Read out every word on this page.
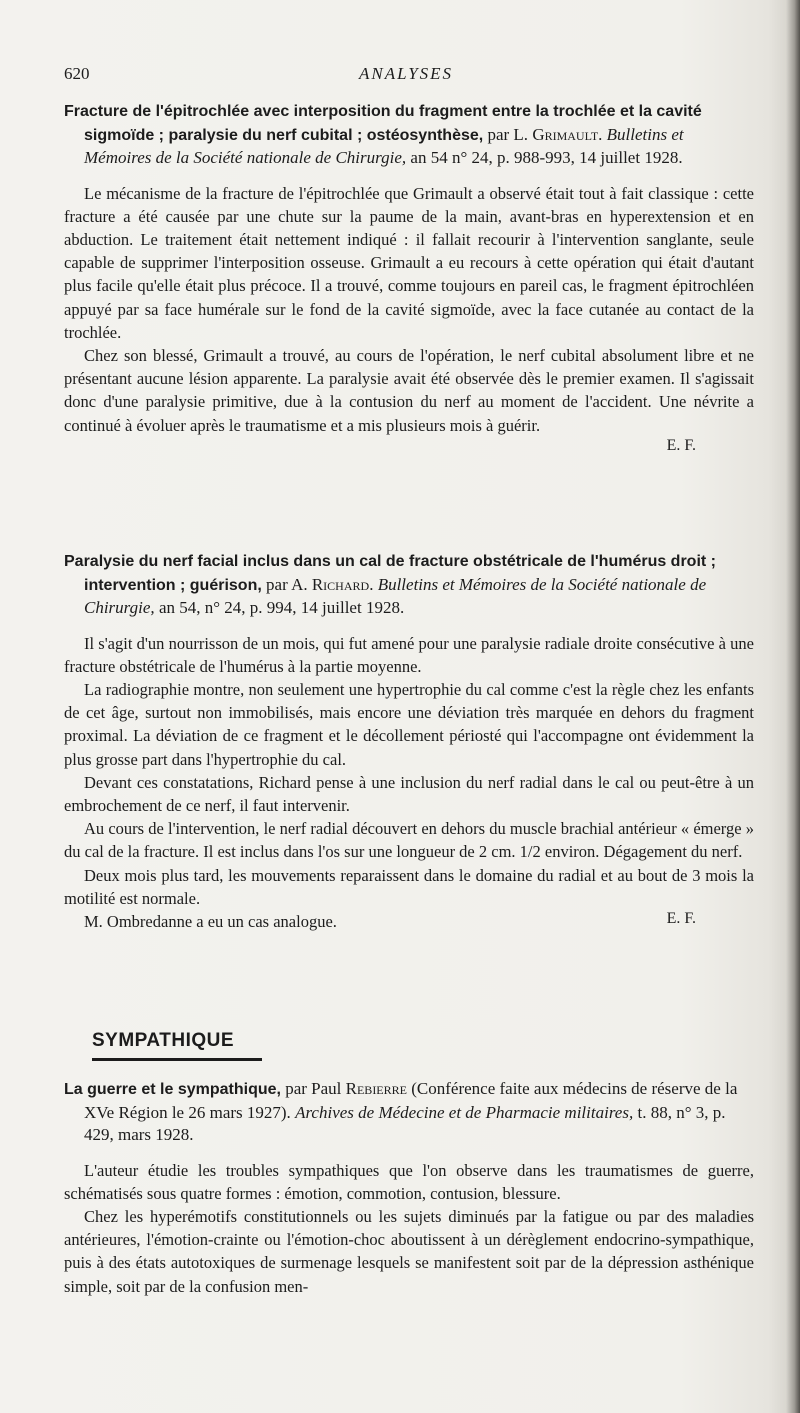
620	ANALYSES
Fracture de l'épitrochlée avec interposition du fragment entre la trochlée et la cavité sigmoïde ; paralysie du nerf cubital ; ostéosynthèse, par L. Grimault. Bulletins et Mémoires de la Société nationale de Chirurgie, an 54 n° 24, p. 988-993, 14 juillet 1928.

Le mécanisme de la fracture de l'épitrochlée que Grimault a observé était tout à fait classique : cette fracture a été causée par une chute sur la paume de la main, avant-bras en hyperextension et en abduction. Le traitement était nettement indiqué : il fallait recourir à l'intervention sanglante, seule capable de supprimer l'interposition osseuse. Grimault a eu recours à cette opération qui était d'autant plus facile qu'elle était plus précoce. Il a trouvé, comme toujours en pareil cas, le fragment épitrochléen appuyé par sa face humérale sur le fond de la cavité sigmoïde, avec la face cutanée au contact de la trochlée.

Chez son blessé, Grimault a trouvé, au cours de l'opération, le nerf cubital absolument libre et ne présentant aucune lésion apparente. La paralysie avait été observée dès le premier examen. Il s'agissait donc d'une paralysie primitive, due à la contusion du nerf au moment de l'accident. Une névrite a continué à évoluer après le traumatisme et a mis plusieurs mois à guérir.

E. F.
Paralysie du nerf facial inclus dans un cal de fracture obstétricale de l'humérus droit ; intervention ; guérison, par A. Richard. Bulletins et Mémoires de la Société nationale de Chirurgie, an 54, n° 24, p. 994, 14 juillet 1928.

Il s'agit d'un nourrisson de un mois, qui fut amené pour une paralysie radiale droite consécutive à une fracture obstétricale de l'humérus à la partie moyenne.

La radiographie montre, non seulement une hypertrophie du cal comme c'est la règle chez les enfants de cet âge, surtout non immobilisés, mais encore une déviation très marquée en dehors du fragment proximal. La déviation de ce fragment et le décollement périosté qui l'accompagne ont évidemment la plus grosse part dans l'hypertrophie du cal.

Devant ces constatations, Richard pense à une inclusion du nerf radial dans le cal ou peut-être à un embrochement de ce nerf, il faut intervenir.

Au cours de l'intervention, le nerf radial découvert en dehors du muscle brachial antérieur « émerge » du cal de la fracture. Il est inclus dans l'os sur une longueur de 2 cm. 1/2 environ. Dégagement du nerf.

Deux mois plus tard, les mouvements reparaissent dans le domaine du radial et au bout de 3 mois la motilité est normale.

M. Ombredanne a eu un cas analogue.	E. F.
SYMPATHIQUE
La guerre et le sympathique, par Paul Rebierre (Conférence faite aux médecins de réserve de la XVe Région le 26 mars 1927). Archives de Médecine et de Pharmacie militaires, t. 88, n° 3, p. 429, mars 1928.

L'auteur étudie les troubles sympathiques que l'on observe dans les traumatismes de guerre, schématisés sous quatre formes : émotion, commotion, contusion, blessure.

Chez les hyperémotifs constitutionnels ou les sujets diminués par la fatigue ou par des maladies antérieures, l'émotion-crainte ou l'émotion-choc aboutissent à un dérèglement endocrino-sympathique, puis à des états autotoxiques de surmenage lesquels se manifestent soit par de la dépression asthénique simple, soit par de la confusion men-
